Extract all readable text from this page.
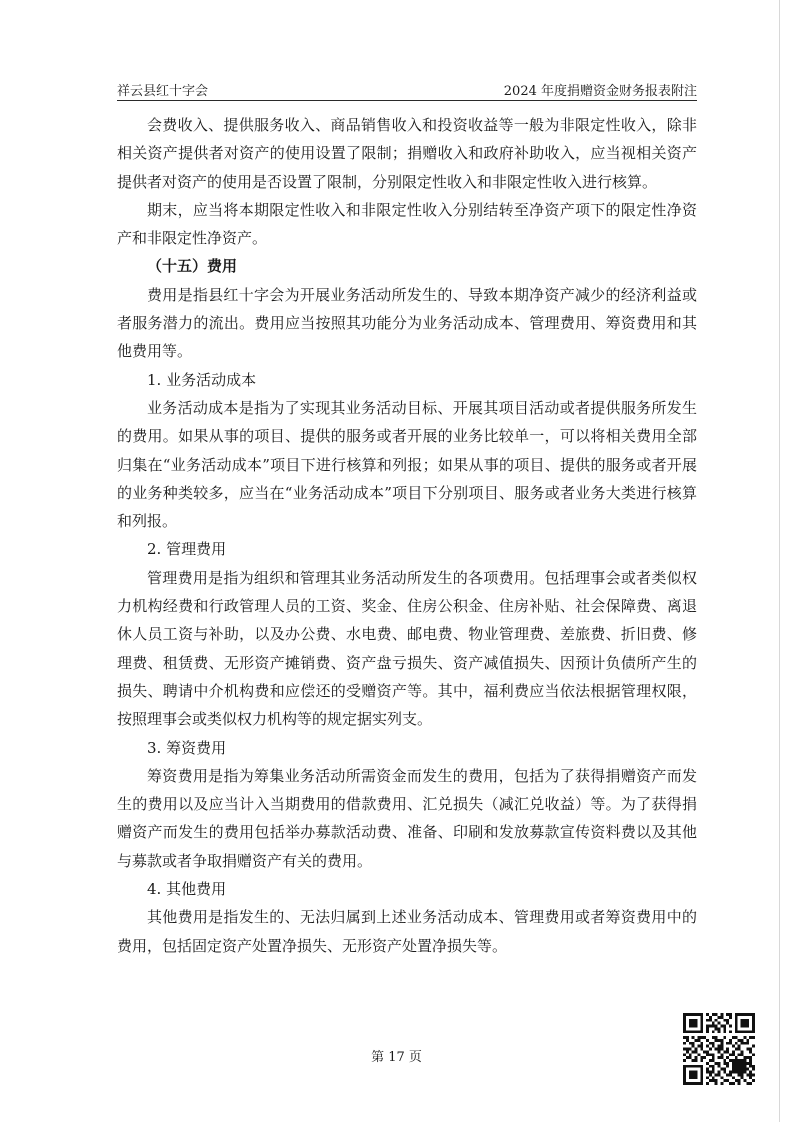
祥云县红十字会	2024 年度捐赠资金财务报表附注

会费收入、提供服务收入、商品销售收入和投资收益等一般为非限定性收入，除非相关资产提供者对资产的使用设置了限制；捐赠收入和政府补助收入，应当视相关资产提供者对资产的使用是否设置了限制，分别限定性收入和非限定性收入进行核算。

期末，应当将本期限定性收入和非限定性收入分别结转至净资产项下的限定性净资产和非限定性净资产。

（十五）费用

费用是指县红十字会为开展业务活动所发生的、导致本期净资产减少的经济利益或者服务潜力的流出。费用应当按照其功能分为业务活动成本、管理费用、筹资费用和其他费用等。

1. 业务活动成本

业务活动成本是指为了实现其业务活动目标、开展其项目活动或者提供服务所发生的费用。如果从事的项目、提供的服务或者开展的业务比较单一，可以将相关费用全部归集在“业务活动成本”项目下进行核算和列报；如果从事的项目、提供的服务或者开展的业务种类较多，应当在“业务活动成本”项目下分别项目、服务或者业务大类进行核算和列报。

2. 管理费用

管理费用是指为组织和管理其业务活动所发生的各项费用。包括理事会或者类似权力机构经费和行政管理人员的工资、奖金、住房公积金、住房补贴、社会保障费、离退休人员工资与补助，以及办公费、水电费、邮电费、物业管理费、差旅费、折旧费、修理费、租赁费、无形资产摊销费、资产盘亏损失、资产减值损失、因预计负债所产生的损失、聘请中介机构费和应偿还的受赠资产等。其中，福利费应当依法根据管理权限，按照理事会或类似权力机构等的规定据实列支。

3. 筹资费用

筹资费用是指为筹集业务活动所需资金而发生的费用，包括为了获得捐赠资产而发生的费用以及应当计入当期费用的借款费用、汇兑损失（减汇兑收益）等。为了获得捐赠资产而发生的费用包括举办募款活动费、准备、印刷和发放募款宣传资料费以及其他与募款或者争取捐赠资产有关的费用。

4. 其他费用

其他费用是指发生的、无法归属到上述业务活动成本、管理费用或者筹资费用中的费用，包括固定资产处置净损失、无形资产处置净损失等。

第 17 页
